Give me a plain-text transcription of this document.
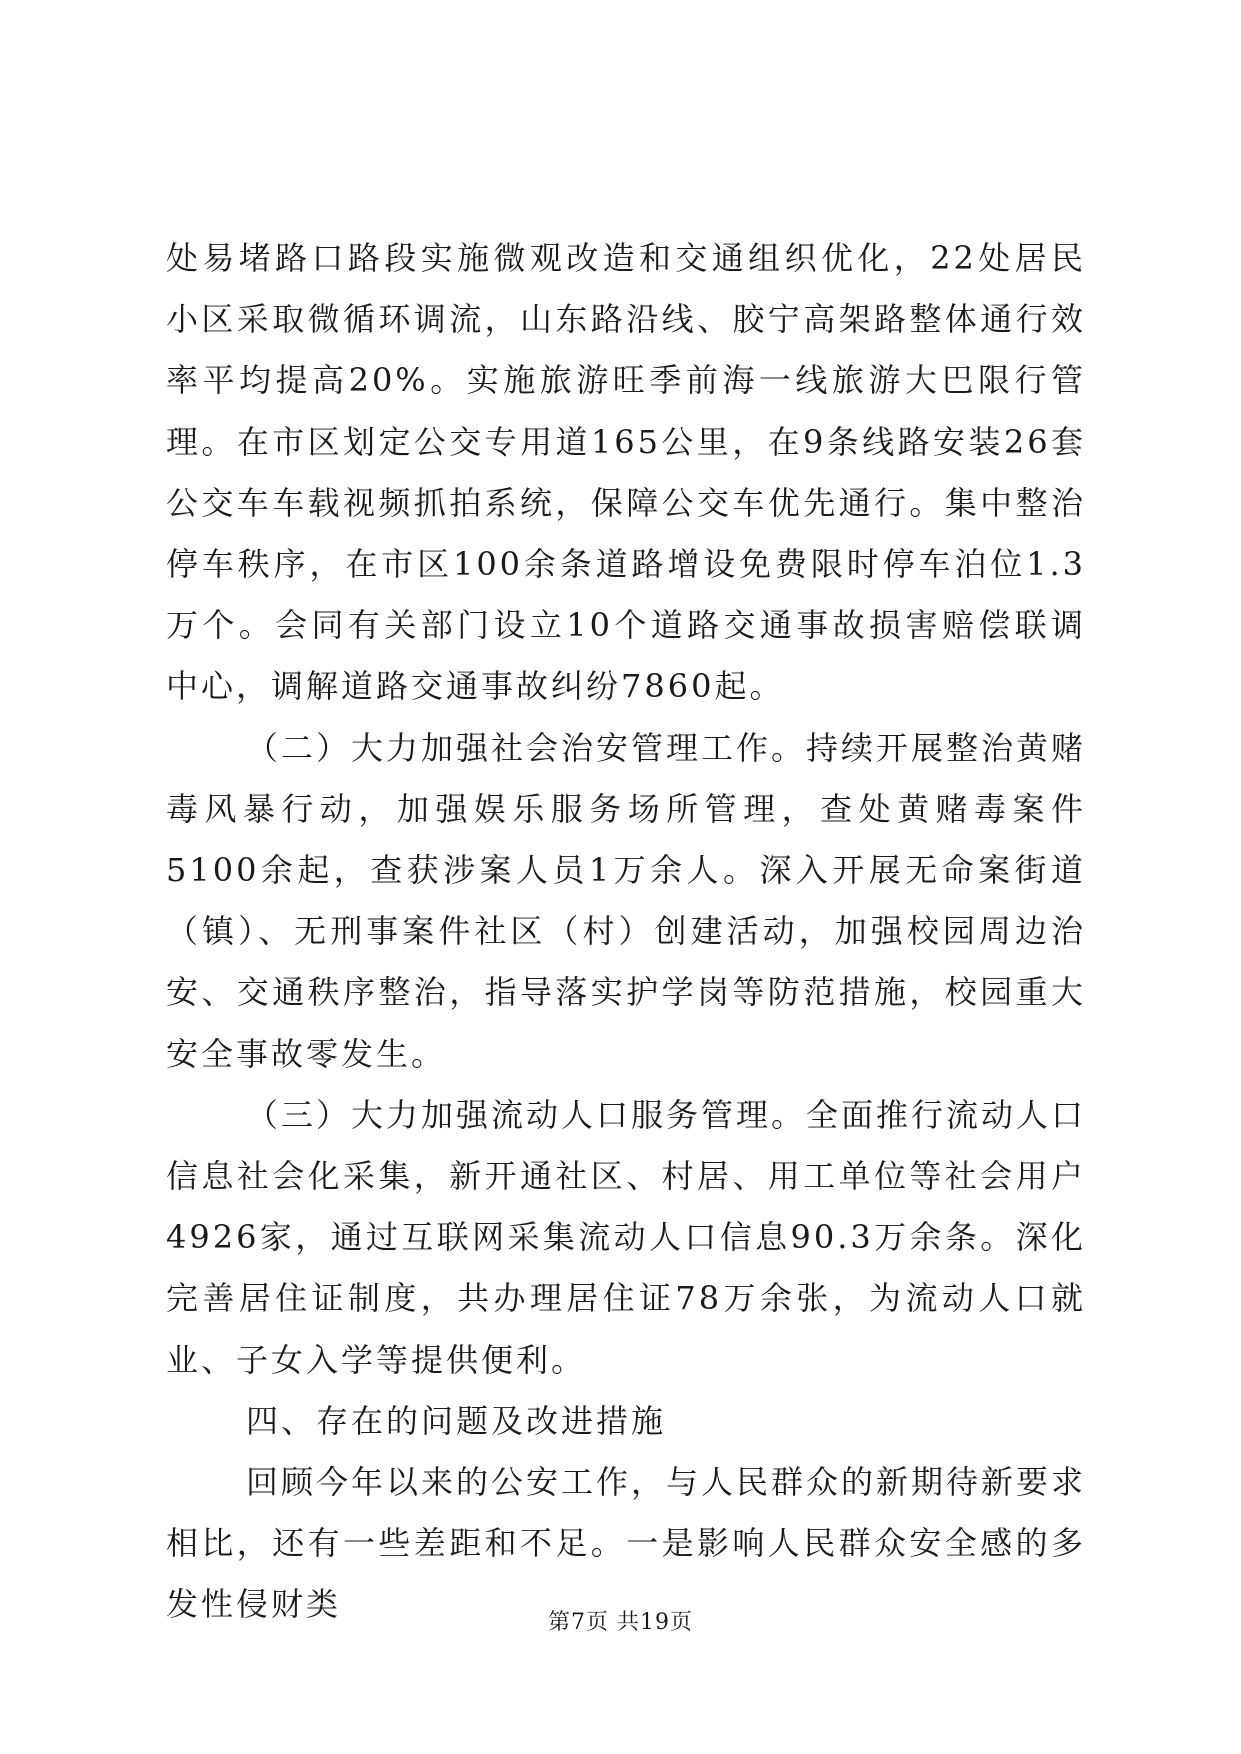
处易堵路口路段实施微观改造和交通组织优化，22处居民小区采取微循环调流，山东路沿线、胶宁高架路整体通行效率平均提高20%。实施旅游旺季前海一线旅游大巴限行管理。在市区划定公交专用道165公里，在9条线路安装26套公交车车载视频抓拍系统，保障公交车优先通行。集中整治停车秩序，在市区100余条道路增设免费限时停车泊位1.3万个。会同有关部门设立10个道路交通事故损害赔偿联调中心，调解道路交通事故纠纷7860起。

（二）大力加强社会治安管理工作。持续开展整治黄赌毒风暴行动，加强娱乐服务场所管理，查处黄赌毒案件5100余起，查获涉案人员1万余人。深入开展无命案街道（镇）、无刑事案件社区（村）创建活动，加强校园周边治安、交通秩序整治，指导落实护学岗等防范措施，校园重大安全事故零发生。

（三）大力加强流动人口服务管理。全面推行流动人口信息社会化采集，新开通社区、村居、用工单位等社会用户4926家，通过互联网采集流动人口信息90.3万余条。深化完善居住证制度，共办理居住证78万余张，为流动人口就业、子女入学等提供便利。

四、存在的问题及改进措施

回顾今年以来的公安工作，与人民群众的新期待新要求相比，还有一些差距和不足。一是影响人民群众安全感的多发性侵财类	第7页 共19页
